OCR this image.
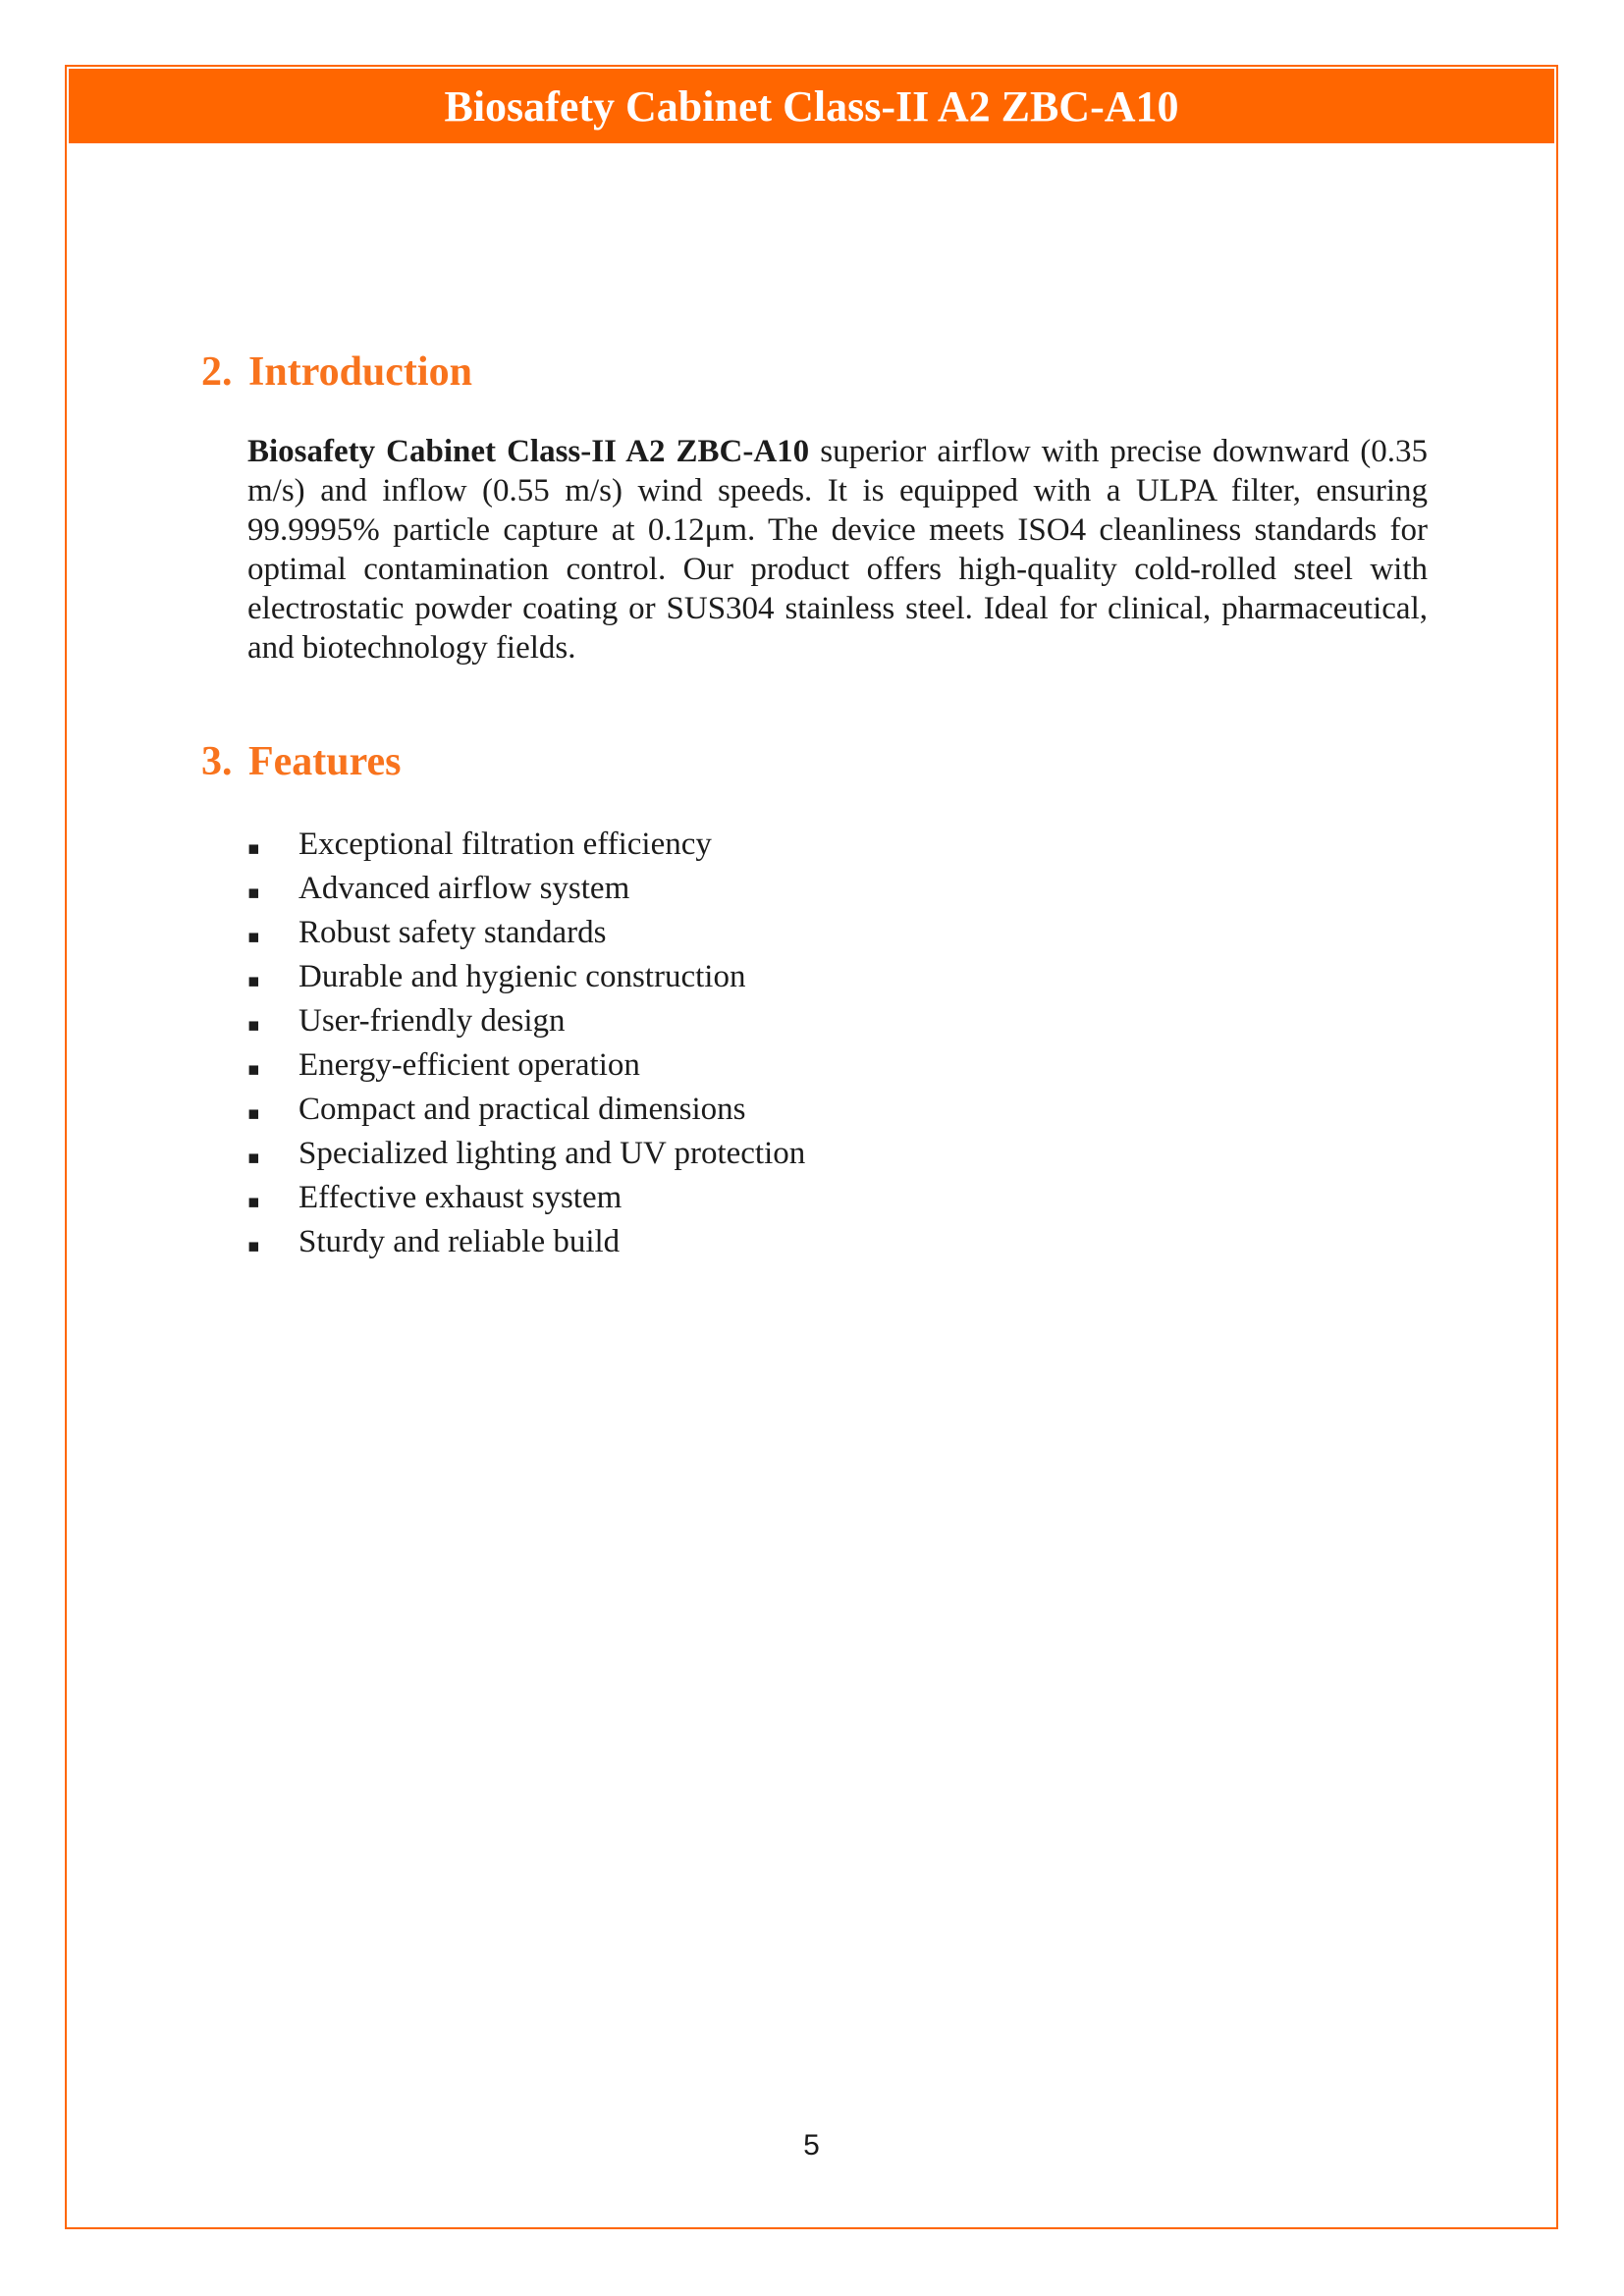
Biosafety Cabinet Class-II A2 ZBC-A10
2. Introduction

Biosafety Cabinet Class-II A2 ZBC-A10 superior airflow with precise downward (0.35 m/s) and inflow (0.55 m/s) wind speeds. It is equipped with a ULPA filter, ensuring 99.9995% particle capture at 0.12μm. The device meets ISO4 cleanliness standards for optimal contamination control. Our product offers high-quality cold-rolled steel with electrostatic powder coating or SUS304 stainless steel. Ideal for clinical, pharmaceutical, and biotechnology fields.

3. Features
▪	Exceptional filtration efficiency
▪	Advanced airflow system
▪	Robust safety standards
▪	Durable and hygienic construction
▪	User-friendly design
▪	Energy-efficient operation
▪	Compact and practical dimensions
▪	Specialized lighting and UV protection
▪	Effective exhaust system
▪	Sturdy and reliable build
5
